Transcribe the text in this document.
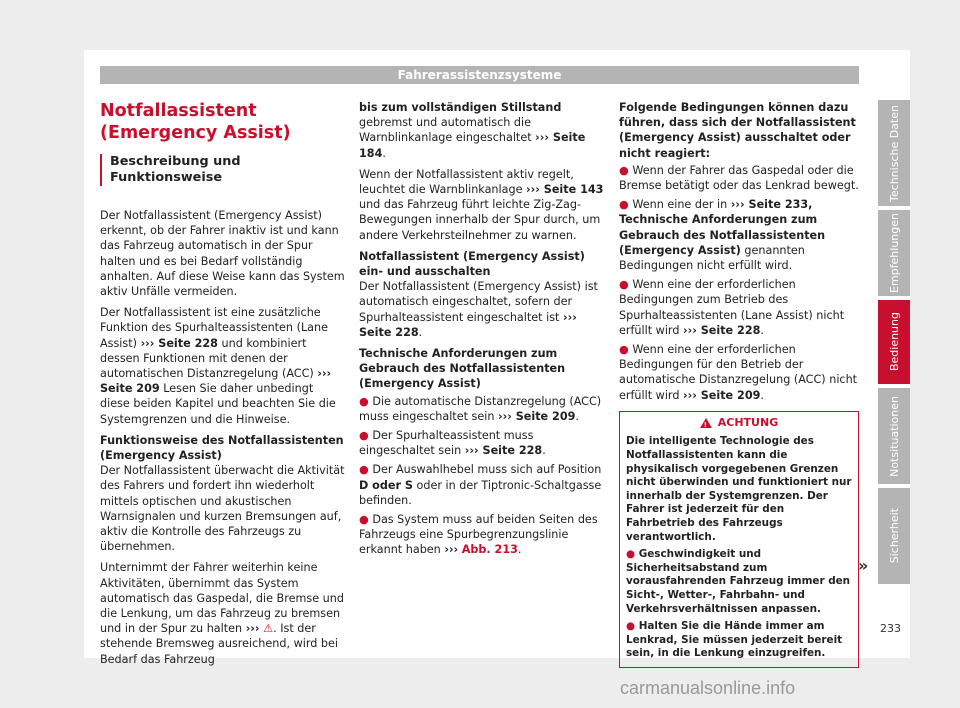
Fahrerassistenzsysteme
Notfallassistent (Emergency Assist)
Beschreibung und Funktionsweise

Der Notfallassistent (Emergency Assist) erkennt, ob der Fahrer inaktiv ist und kann das Fahrzeug automatisch in der Spur halten und es bei Bedarf vollständig anhalten. Auf diese Weise kann das System aktiv Unfälle vermeiden.

Der Notfallassistent ist eine zusätzliche Funktion des Spurhalteassistenten (Lane Assist) ››› Seite 228 und kombiniert dessen Funktionen mit denen der automatischen Distanzregelung (ACC) ››› Seite 209 Lesen Sie daher unbedingt diese beiden Kapitel und beachten Sie die Systemgrenzen und die Hinweise.

Funktionsweise des Notfallassistenten (Emergency Assist)

Der Notfallassistent überwacht die Aktivität des Fahrers und fordert ihn wiederholt mittels optischen und akustischen Warnsignalen und kurzen Bremsungen auf, aktiv die Kontrolle des Fahrzeugs zu übernehmen.

Unternimmt der Fahrer weiterhin keine Aktivitäten, übernimmt das System automatisch das Gaspedal, die Bremse und die Lenkung, um das Fahrzeug zu bremsen und in der Spur zu halten ››› ⚠. Ist der stehende Bremsweg ausreichend, wird bei Bedarf das Fahrzeug

bis zum vollständigen Stillstand gebremst und automatisch die Warnblinkanlage eingeschaltet ››› Seite 184.

Wenn der Notfallassistent aktiv regelt, leuchtet die Warnblinkanlage ››› Seite 143 und das Fahrzeug führt leichte Zig-Zag-Bewegungen innerhalb der Spur durch, um andere Verkehrsteilnehmer zu warnen.

Notfallassistent (Emergency Assist) ein- und ausschalten

Der Notfallassistent (Emergency Assist) ist automatisch eingeschaltet, sofern der Spurhalteassistent eingeschaltet ist ››› Seite 228.

Technische Anforderungen zum Gebrauch des Notfallassistenten (Emergency Assist)

● Die automatische Distanzregelung (ACC) muss eingeschaltet sein ››› Seite 209.
● Der Spurhalteassistent muss eingeschaltet sein ››› Seite 228.
● Der Auswahlhebel muss sich auf Position D oder S oder in der Tiptronic-Schaltgasse befinden.
● Das System muss auf beiden Seiten des Fahrzeugs eine Spurbegrenzungslinie erkannt haben ››› Abb. 213.

Folgende Bedingungen können dazu führen, dass sich der Notfallassistent (Emergency Assist) ausschaltet oder nicht reagiert:

● Wenn der Fahrer das Gaspedal oder die Bremse betätigt oder das Lenkrad bewegt.
● Wenn eine der in ››› Seite 233, Technische Anforderungen zum Gebrauch des Notfallassistenten (Emergency Assist) genannten Bedingungen nicht erfüllt wird.
● Wenn eine der erforderlichen Bedingungen zum Betrieb des Spurhalteassistenten (Lane Assist) nicht erfüllt wird ››› Seite 228.
● Wenn eine der erforderlichen Bedingungen für den Betrieb der automatische Distanzregelung (ACC) nicht erfüllt wird ››› Seite 209.
!
ACHTUNG

Die intelligente Technologie des Notfallassistenten kann die physikalisch vorgegebenen Grenzen nicht überwinden und funktioniert nur innerhalb der Systemgrenzen. Der Fahrer ist jederzeit für den Fahrbetrieb des Fahrzeugs verantwortlich.

● Geschwindigkeit und Sicherheitsabstand zum vorausfahrenden Fahrzeug immer den Sicht-, Wetter-, Fahrbahn- und Verkehrsverhältnissen anpassen.

● Halten Sie die Hände immer am Lenkrad, Sie müssen jederzeit bereit sein, in die Lenkung einzugreifen.

»
Technische Daten
Empfehlungen
Bedienung
Notsituationen
Sicherheit
233
carmanualsonline.info
